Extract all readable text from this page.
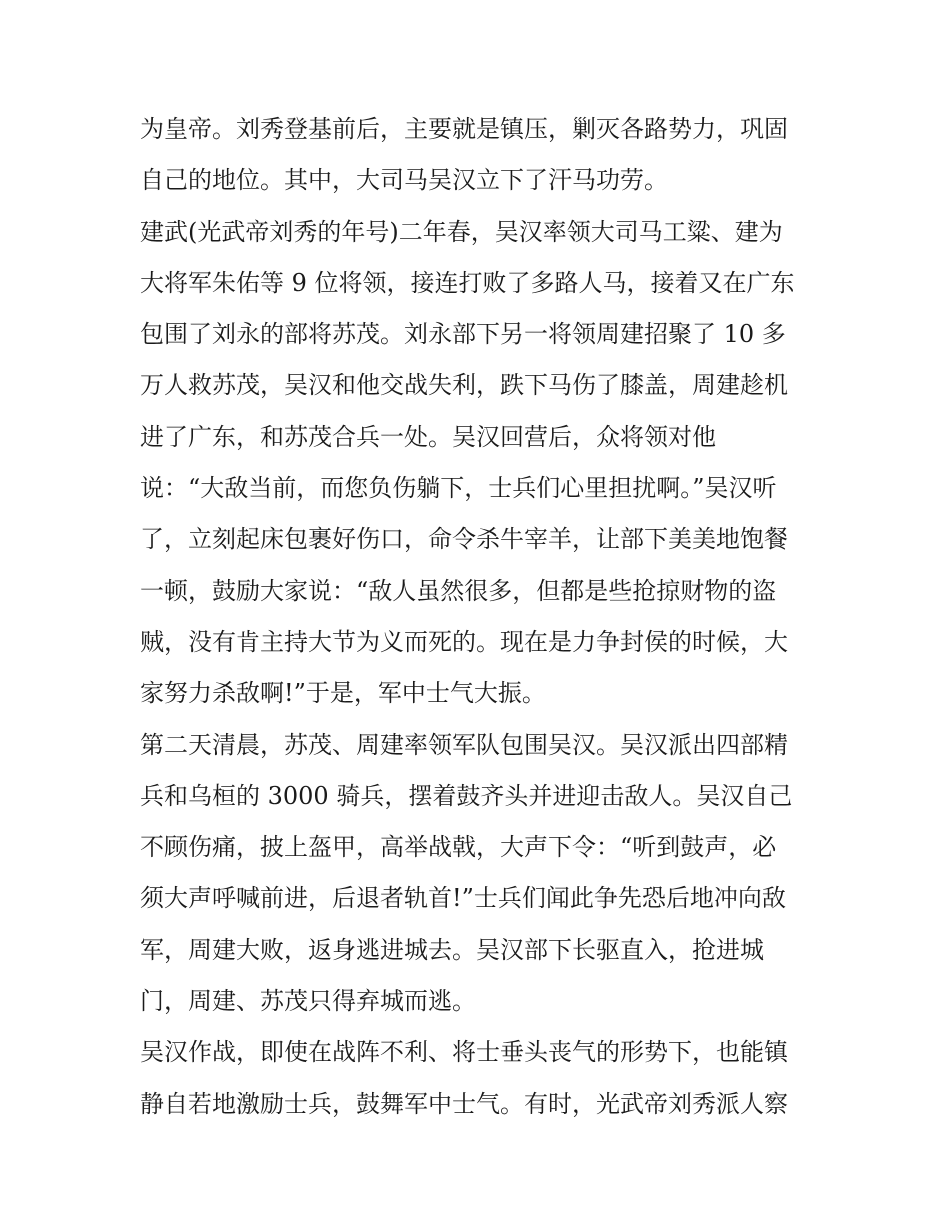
为皇帝。刘秀登基前后，主要就是镇压，剿灭各路势力，巩固
自己的地位。其中，大司马吴汉立下了汗马功劳。
建武(光武帝刘秀的年号)二年春，吴汉率领大司马工粱、建为
大将军朱佑等 9 位将领，接连打败了多路人马，接着又在广东
包围了刘永的部将苏茂。刘永部下另一将领周建招聚了 10 多
万人救苏茂，吴汉和他交战失利，跌下马伤了膝盖，周建趁机
进了广东，和苏茂合兵一处。吴汉回营后，众将领对他
说：“大敌当前，而您负伤躺下，士兵们心里担扰啊。”吴汉听
了，立刻起床包裹好伤口，命令杀牛宰羊，让部下美美地饱餐
一顿，鼓励大家说：“敌人虽然很多，但都是些抢掠财物的盗
贼，没有肯主持大节为义而死的。现在是力争封侯的时候，大
家努力杀敌啊!”于是，军中士气大振。
第二天清晨，苏茂、周建率领军队包围吴汉。吴汉派出四部精
兵和乌桓的 3000 骑兵，摆着鼓齐头并进迎击敌人。吴汉自己
不顾伤痛，披上盔甲，高举战戟，大声下令：“听到鼓声，必
须大声呼喊前进，后退者轨首!”士兵们闻此争先恐后地冲向敌
军，周建大败，返身逃进城去。吴汉部下长驱直入，抢进城
门，周建、苏茂只得弃城而逃。
吴汉作战，即使在战阵不利、将士垂头丧气的形势下，也能镇
静自若地激励士兵，鼓舞军中士气。有时，光武帝刘秀派人察
